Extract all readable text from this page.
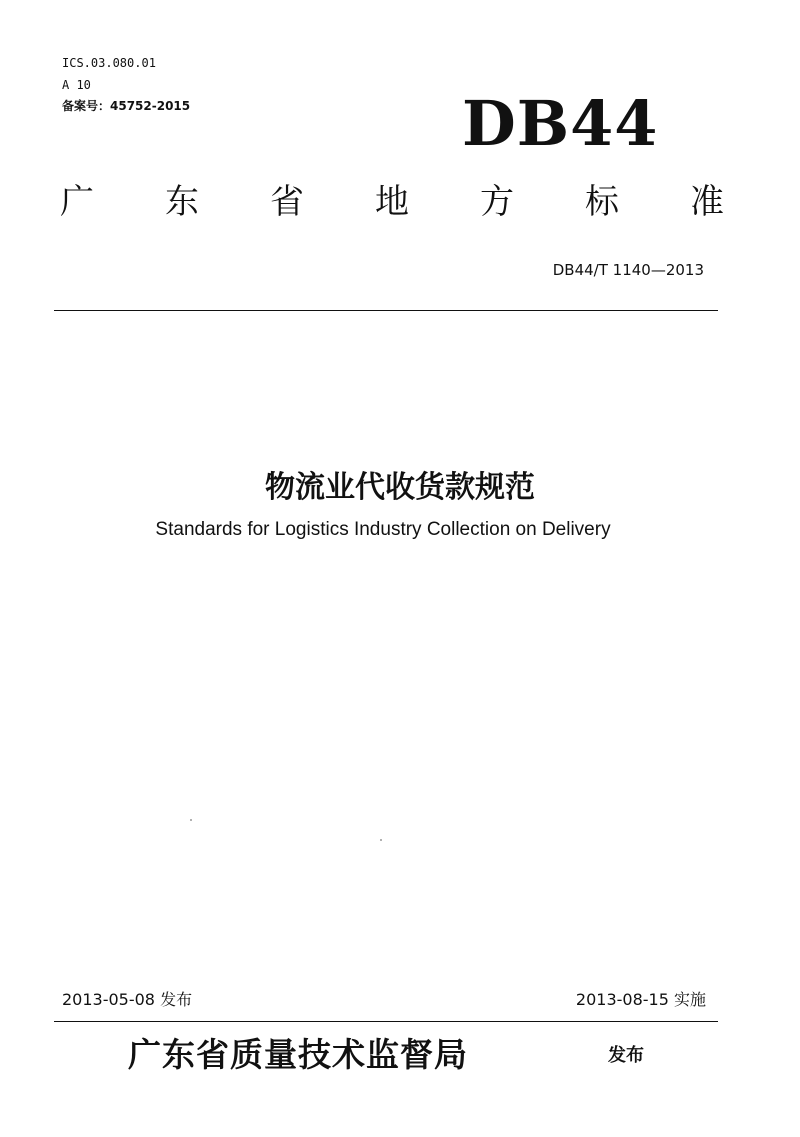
ICS.03.080.01
A 10
备案号：45752-2015	DB44
广 东 省 地 方 标 准
DB44/T 1140—2013
物流业代收货款规范
Standards for Logistics Industry Collection on Delivery
2013-05-08 发布	2013-08-15 实施
广东省质量技术监督局	发布
